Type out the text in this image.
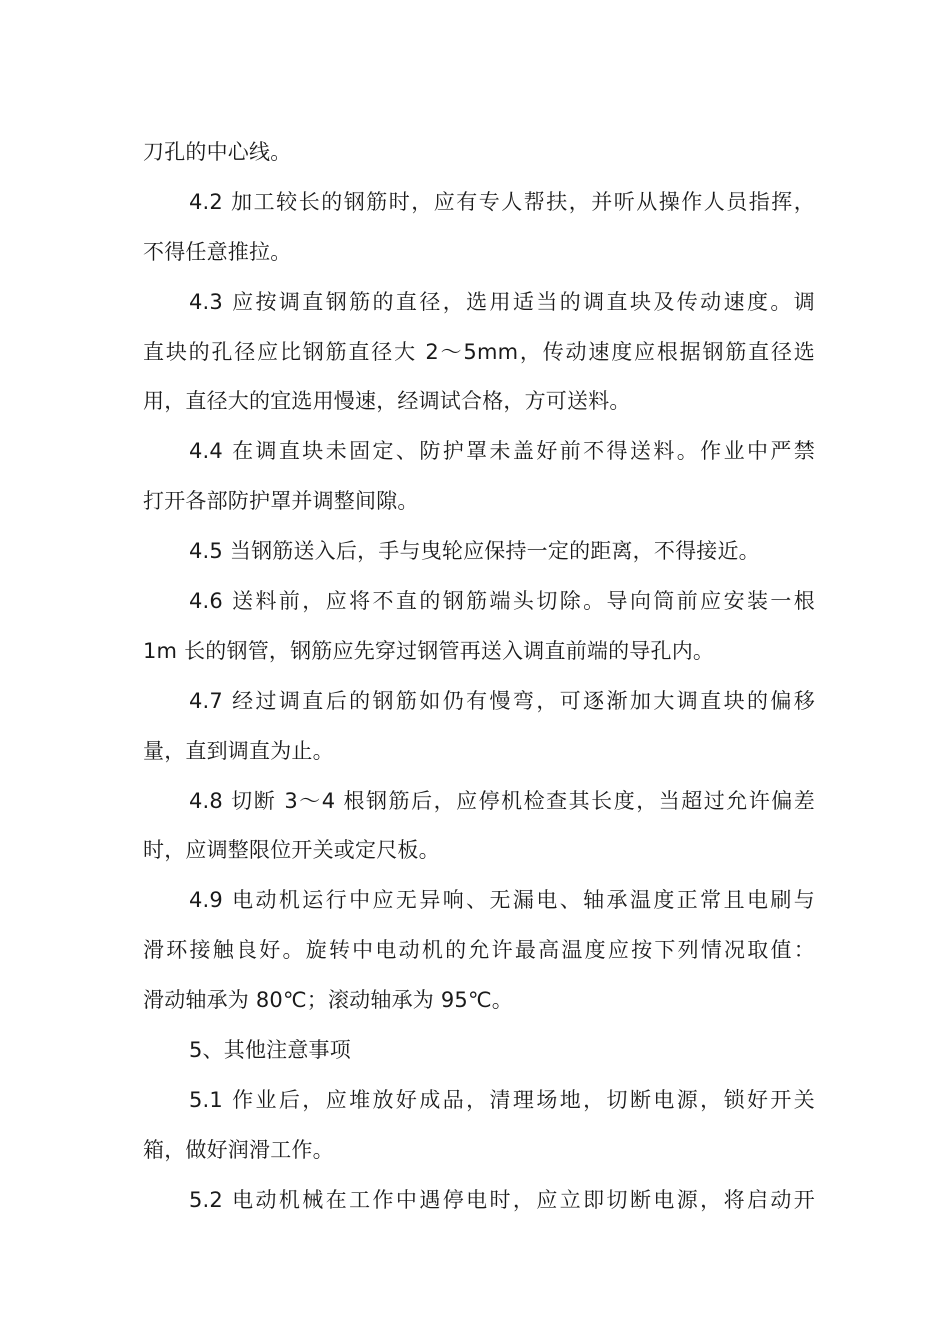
刀孔的中心线。
4.2 加工较长的钢筋时，应有专人帮扶，并听从操作人员指挥，
不得任意推拉。
4.3 应按调直钢筋的直径，选用适当的调直块及传动速度。调
直块的孔径应比钢筋直径大 2～5mm，传动速度应根据钢筋直径选
用，直径大的宜选用慢速，经调试合格，方可送料。
4.4 在调直块未固定、防护罩未盖好前不得送料。作业中严禁
打开各部防护罩并调整间隙。
4.5 当钢筋送入后，手与曳轮应保持一定的距离，不得接近。
4.6 送料前，应将不直的钢筋端头切除。导向筒前应安装一根
1m 长的钢管，钢筋应先穿过钢管再送入调直前端的导孔内。
4.7 经过调直后的钢筋如仍有慢弯，可逐渐加大调直块的偏移
量，直到调直为止。
4.8 切断 3～4 根钢筋后，应停机检查其长度，当超过允许偏差
时，应调整限位开关或定尺板。
4.9 电动机运行中应无异响、无漏电、轴承温度正常且电刷与
滑环接触良好。旋转中电动机的允许最高温度应按下列情况取值：
滑动轴承为 80℃；滚动轴承为 95℃。
5、其他注意事项
5.1 作业后，应堆放好成品，清理场地，切断电源，锁好开关
箱，做好润滑工作。
5.2 电动机械在工作中遇停电时，应立即切断电源，将启动开
